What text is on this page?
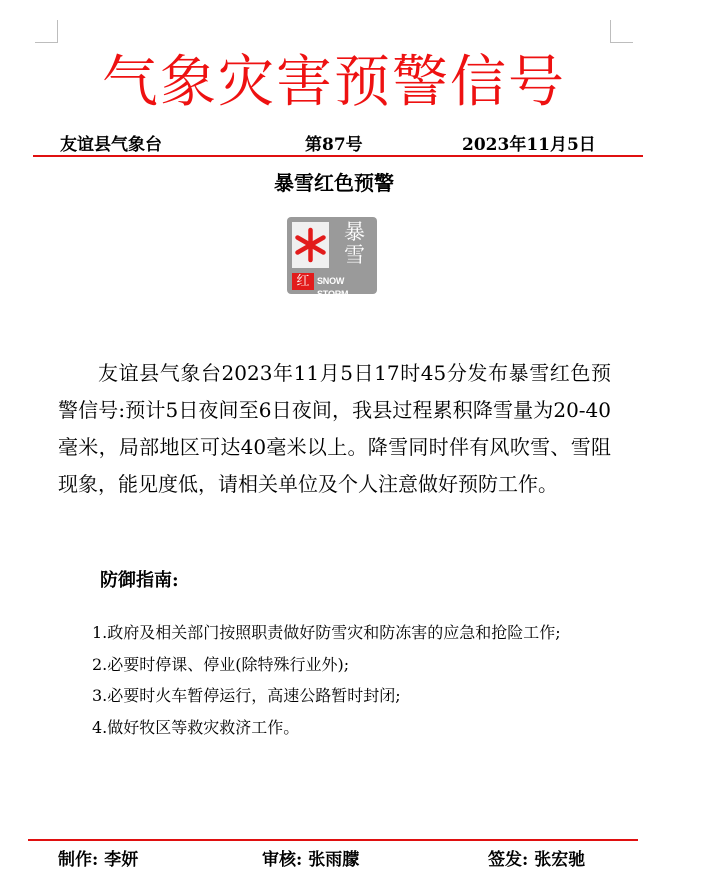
气象灾害预警信号
友谊县气象台	第87号	2023年11月5日
暴雪红色预警
暴
雪
红 SNOW STORM

友谊县气象台2023年11月5日17时45分发布暴雪红色预警信号:预计5日夜间至6日夜间，我县过程累积降雪量为20-40毫米，局部地区可达40毫米以上。降雪同时伴有风吹雪、雪阻现象，能见度低，请相关单位及个人注意做好预防工作。

防御指南:
1.政府及相关部门按照职责做好防雪灾和防冻害的应急和抢险工作;
2.必要时停课、停业(除特殊行业外);
3.必要时火车暂停运行，高速公路暂时封闭;
4.做好牧区等救灾救济工作。
制作: 李妍	审核: 张雨朦	签发: 张宏驰
